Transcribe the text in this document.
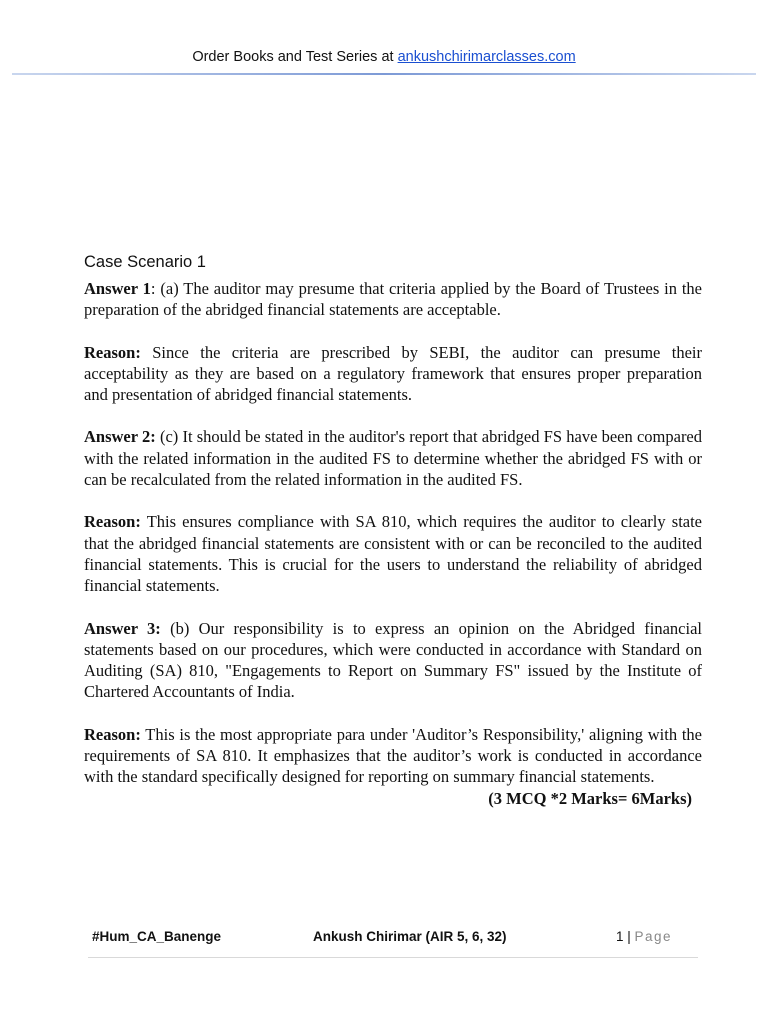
Order Books and Test Series at ankushchirimarclasses.com
Case Scenario 1

Answer 1: (a) The auditor may presume that criteria applied by the Board of Trustees in the preparation of the abridged financial statements are acceptable.

Reason: Since the criteria are prescribed by SEBI, the auditor can presume their acceptability as they are based on a regulatory framework that ensures proper preparation and presentation of abridged financial statements.

Answer 2: (c) It should be stated in the auditor's report that abridged FS have been compared with the related information in the audited FS to determine whether the abridged FS with or can be recalculated from the related information in the audited FS.

Reason: This ensures compliance with SA 810, which requires the auditor to clearly state that the abridged financial statements are consistent with or can be reconciled to the audited financial statements. This is crucial for the users to understand the reliability of abridged financial statements.

Answer 3: (b) Our responsibility is to express an opinion on the Abridged financial statements based on our procedures, which were conducted in accordance with Standard on Auditing (SA) 810, "Engagements to Report on Summary FS" issued by the Institute of Chartered Accountants of India.

Reason: This is the most appropriate para under 'Auditor’s Responsibility,' aligning with the requirements of SA 810. It emphasizes that the auditor’s work is conducted in accordance with the standard specifically designed for reporting on summary financial statements.
(3 MCQ *2 Marks= 6Marks)

#Hum_CA_Banenge	Ankush Chirimar (AIR 5, 6, 32)	1 | Page
